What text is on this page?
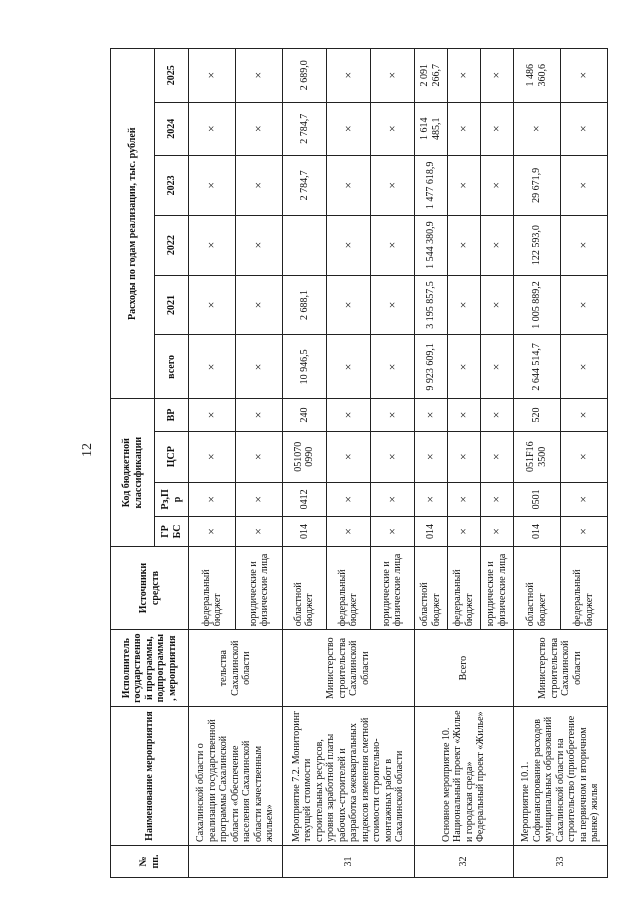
12
№ пп.	Наименование мероприятия	Исполнитель государственной программы, подпрограммы, мероприятия	Источники средств	Код бюджетной классификации				Расходы по годам реализации, тыс. рублей					
				ГР БС	Рз,П р	ЦСР	ВР	всего	2021	2022	2023	2024	2025
	Сахалинской области о реализации государственной программы Сахалинской области «Обеспечение населения Сахалинской области качественным жильем»	тельства Сахалинской области	федеральный бюджет	×	×	×	×	×	×	×	×	×	×
			юридические и физические лица	×	×	×	×	×	×	×	×	×	×
31	Мероприятие 7.2. Мониторинг текущей стоимости строительных ресурсов, уровня заработной платы рабочих-строителей и разработка ежеквартальных индексов изменения сметной стоимости строительно-монтажных работ в Сахалинской области	Министерство строительства Сахалинской области	областной бюджет	014	0412	051070 0990	240	10 946,5	2 688,1		2 784,7	2 784,7	2 689,0
			федеральный бюджет	×	×	×	×	×	×	×	×	×	×
			юридические и физические лица	×	×	×	×	×	×	×	×	×	×
32	Основное мероприятие 10. Национальный проект «Жилье и городская среда» Федеральный проект «Жилье»	Всего	областной бюджет	014	×	×	×	9 923 609,1	3 195 857,5	1 544 380,9	1 477 618,9	1 614 485,1	2 091 266,7
			федеральный бюджет	×	×	×	×	×	×	×	×	×	×
			юридические и физические лица	×	×	×	×	×	×	×	×	×	×
33	Мероприятие 10.1. Софинансирование расходов муниципальных образований Сахалинской области на строительство (приобретение на первичном и вторичном рынке) жилья	Министерство строительства Сахалинской области	областной бюджет	014	0501	051F16 3500	520	2 644 514,7	1 005 889,2	122 593,0	29 671,9	×	1 486 360,6
			федеральный бюджет	×	×	×	×	×	×	×	×	×	×
